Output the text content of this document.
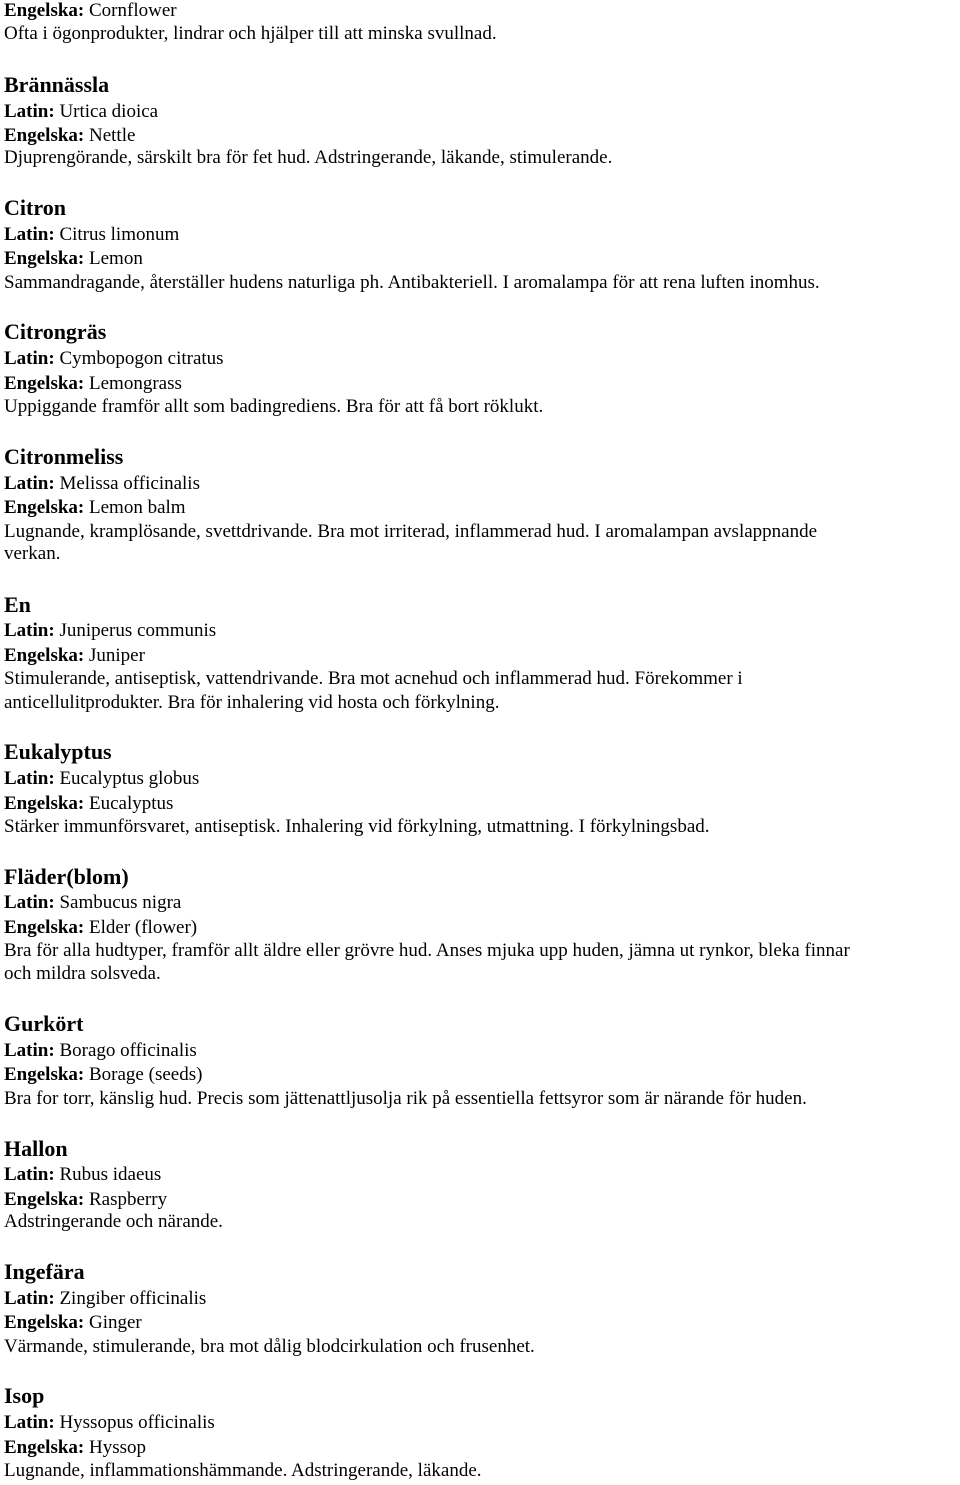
Engelska: Cornflower
Ofta i ögonprodukter, lindrar och hjälper till att minska svullnad.
Brännässla
Latin: Urtica dioica
Engelska: Nettle
Djuprengörande, särskilt bra för fet hud. Adstringerande, läkande, stimulerande.
Citron
Latin: Citrus limonum
Engelska: Lemon
Sammandragande, återställer hudens naturliga ph. Antibakteriell. I aromalampa för att rena luften inomhus.
Citrongräs
Latin: Cymbopogon citratus
Engelska: Lemongrass
Uppiggande framför allt som badingrediens. Bra för att få bort röklukt.
Citronmeliss
Latin: Melissa officinalis
Engelska: Lemon balm
Lugnande, kramplösande, svettdrivande. Bra mot irriterad, inflammerad hud. I aromalampan avslappnande
verkan.
En
Latin: Juniperus communis
Engelska: Juniper
Stimulerande, antiseptisk, vattendrivande. Bra mot acnehud och inflammerad hud. Förekommer i
anticellulitprodukter. Bra för inhalering vid hosta och förkylning.
Eukalyptus
Latin: Eucalyptus globus
Engelska: Eucalyptus
Stärker immunförsvaret, antiseptisk. Inhalering vid förkylning, utmattning. I förkylningsbad.
Fläder(blom)
Latin: Sambucus nigra
Engelska: Elder (flower)
Bra för alla hudtyper, framför allt äldre eller grövre hud. Anses mjuka upp huden, jämna ut rynkor, bleka finnar
och mildra solsveda.
Gurkört
Latin: Borago officinalis
Engelska: Borage (seeds)
Bra for torr, känslig hud. Precis som jättenattljusolja rik på essentiella fettsyror som är närande för huden.
Hallon
Latin: Rubus idaeus
Engelska: Raspberry
Adstringerande och närande.
Ingefära
Latin: Zingiber officinalis
Engelska: Ginger
Värmande, stimulerande, bra mot dålig blodcirkulation och frusenhet.
Isop
Latin: Hyssopus officinalis
Engelska: Hyssop
Lugnande, inflammationshämmande. Adstringerande, läkande.
